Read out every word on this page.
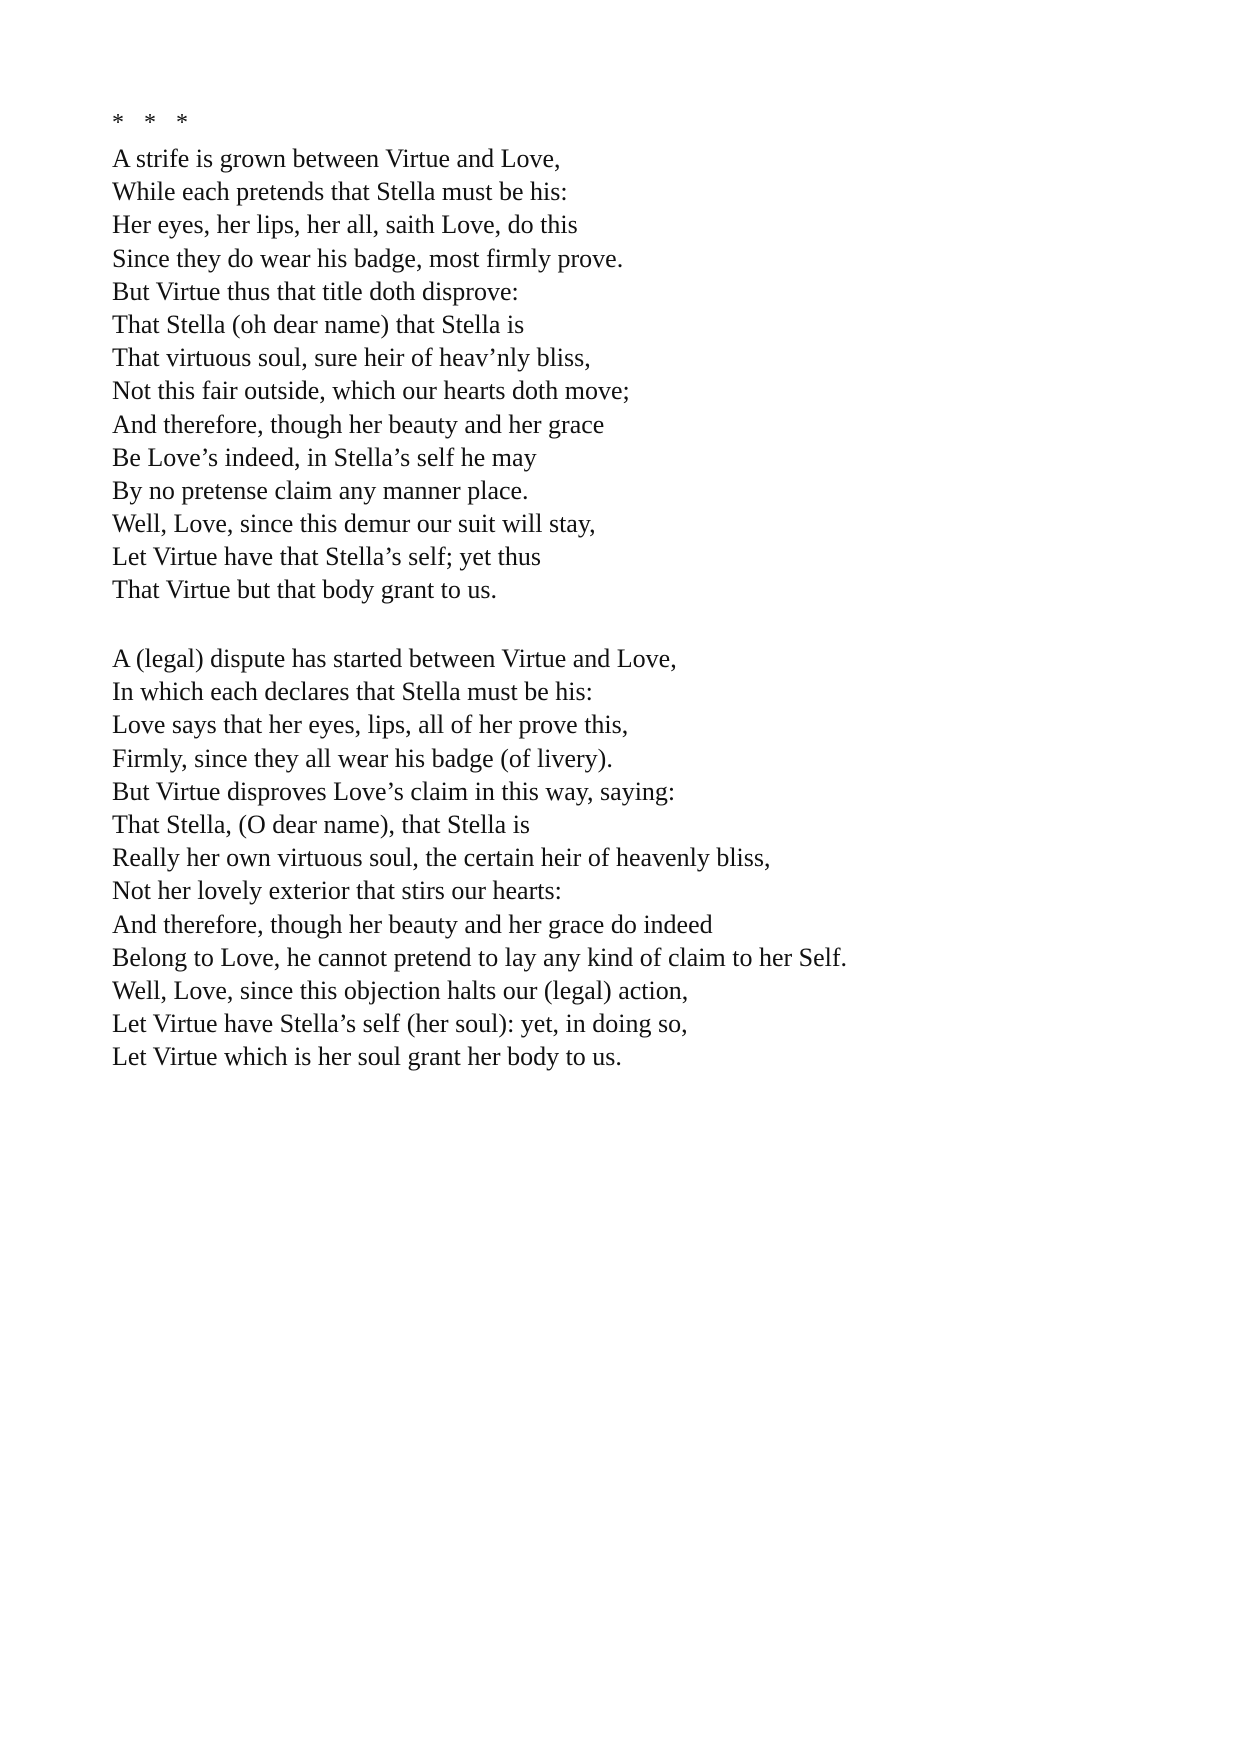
* * *
A strife is grown between Virtue and Love,
While each pretends that Stella must be his:
Her eyes, her lips, her all, saith Love, do this
Since they do wear his badge, most firmly prove.
But Virtue thus that title doth disprove:
That Stella (oh dear name) that Stella is
That virtuous soul, sure heir of heav’nly bliss,
Not this fair outside, which our hearts doth move;
And therefore, though her beauty and her grace
Be Love’s indeed, in Stella’s self he may
By no pretense claim any manner place.
Well, Love, since this demur our suit will stay,
Let Virtue have that Stella’s self; yet thus
That Virtue but that body grant to us.
A (legal) dispute has started between Virtue and Love,
In which each declares that Stella must be his:
Love says that her eyes, lips, all of her prove this,
Firmly, since they all wear his badge (of livery).
But Virtue disproves Love’s claim in this way, saying:
That Stella, (O dear name), that Stella is
Really her own virtuous soul, the certain heir of heavenly bliss,
Not her lovely exterior that stirs our hearts:
And therefore, though her beauty and her grace do indeed
Belong to Love, he cannot pretend to lay any kind of claim to her Self.
Well, Love, since this objection halts our (legal) action,
Let Virtue have Stella’s self (her soul): yet, in doing so,
Let Virtue which is her soul grant her body to us.
